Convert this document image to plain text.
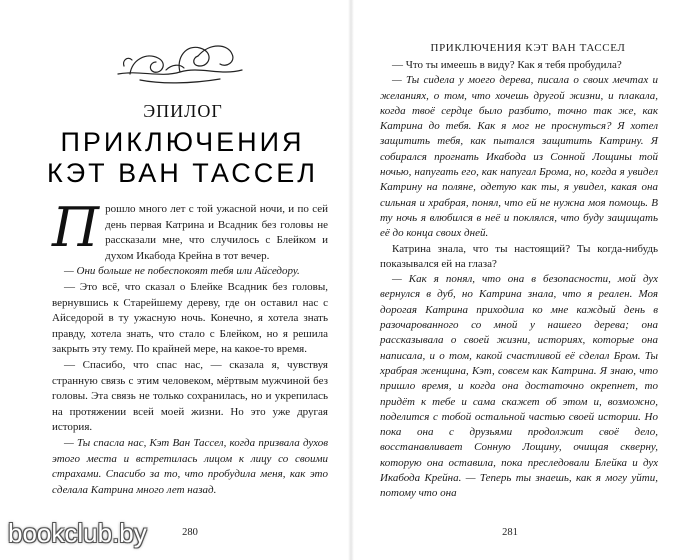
ЭПИЛОГ
ПРИКЛЮЧЕНИЯ
КЭТ ВАН ТАССЕЛ

Прошло много лет с той ужасной ночи, и по сей день первая Катрина и Всадник без головы не рассказали мне, что случилось с Блейком и духом Икабода Крейна в тот вечер.

— Они больше не побеспокоят тебя или Айседору.

— Это всё, что сказал о Блейке Всадник без головы, вернувшись к Старейшему дереву, где он оставил нас с Айседорой в ту ужасную ночь. Конечно, я хотела знать правду, хотела знать, что стало с Блейком, но я решила закрыть эту тему. По крайней мере, на какое-то время.

— Спасибо, что спас нас, — сказала я, чувствуя странную связь с этим человеком, мёртвым мужчиной без головы. Эта связь не только сохранилась, но и укрепилась на протяжении всей моей жизни. Но это уже другая история.

— Ты спасла нас, Кэт Ван Тассел, когда призвала духов этого места и встретилась лицом к лицу со своими страхами. Спасибо за то, что пробудила меня, как это сделала Катрина много лет назад.

280
ПРИКЛЮЧЕНИЯ КЭТ ВАН ТАССЕЛ

— Что ты имеешь в виду? Как я тебя пробудила?

— Ты сидела у моего дерева, писала о своих мечтах и желаниях, о том, что хочешь другой жизни, и плакала, когда твоё сердце было разбито, точно так же, как Катрина до тебя. Как я мог не проснуться? Я хотел защитить тебя, как пытался защитить Катрину. Я собирался прогнать Икабода из Сонной Лощины той ночью, напугать его, как напугал Брома, но, когда я увидел Катрину на поляне, одетую как ты, я увидел, какая она сильная и храбрая, понял, что ей не нужна моя помощь. В ту ночь я влюбился в неё и поклялся, что буду защищать её до конца своих дней.

Катрина знала, что ты настоящий? Ты когда-нибудь показывался ей на глаза?

— Как я понял, что она в безопасности, мой дух вернулся в дуб, но Катрина знала, что я реален. Моя дорогая Катрина приходила ко мне каждый день в разочарованного со мной у нашего дерева; она рассказывала о своей жизни, историях, которые она написала, и о том, какой счастливой её сделал Бром. Ты храбрая женщина, Кэт, совсем как Катрина. Я знаю, что пришло время, и когда она достаточно окрепнет, то придёт к тебе и сама скажет об этом и, возможно, поделится с тобой остальной частью своей истории. Но пока она с друзьями продолжит своё дело, восстанавливает Сонную Лощину, очищая скверну, которую она оставила, пока преследовали Блейка и дух Икабода Крейна. — Теперь ты знаешь, как я могу уйти, потому что она

281
bookclub.by
